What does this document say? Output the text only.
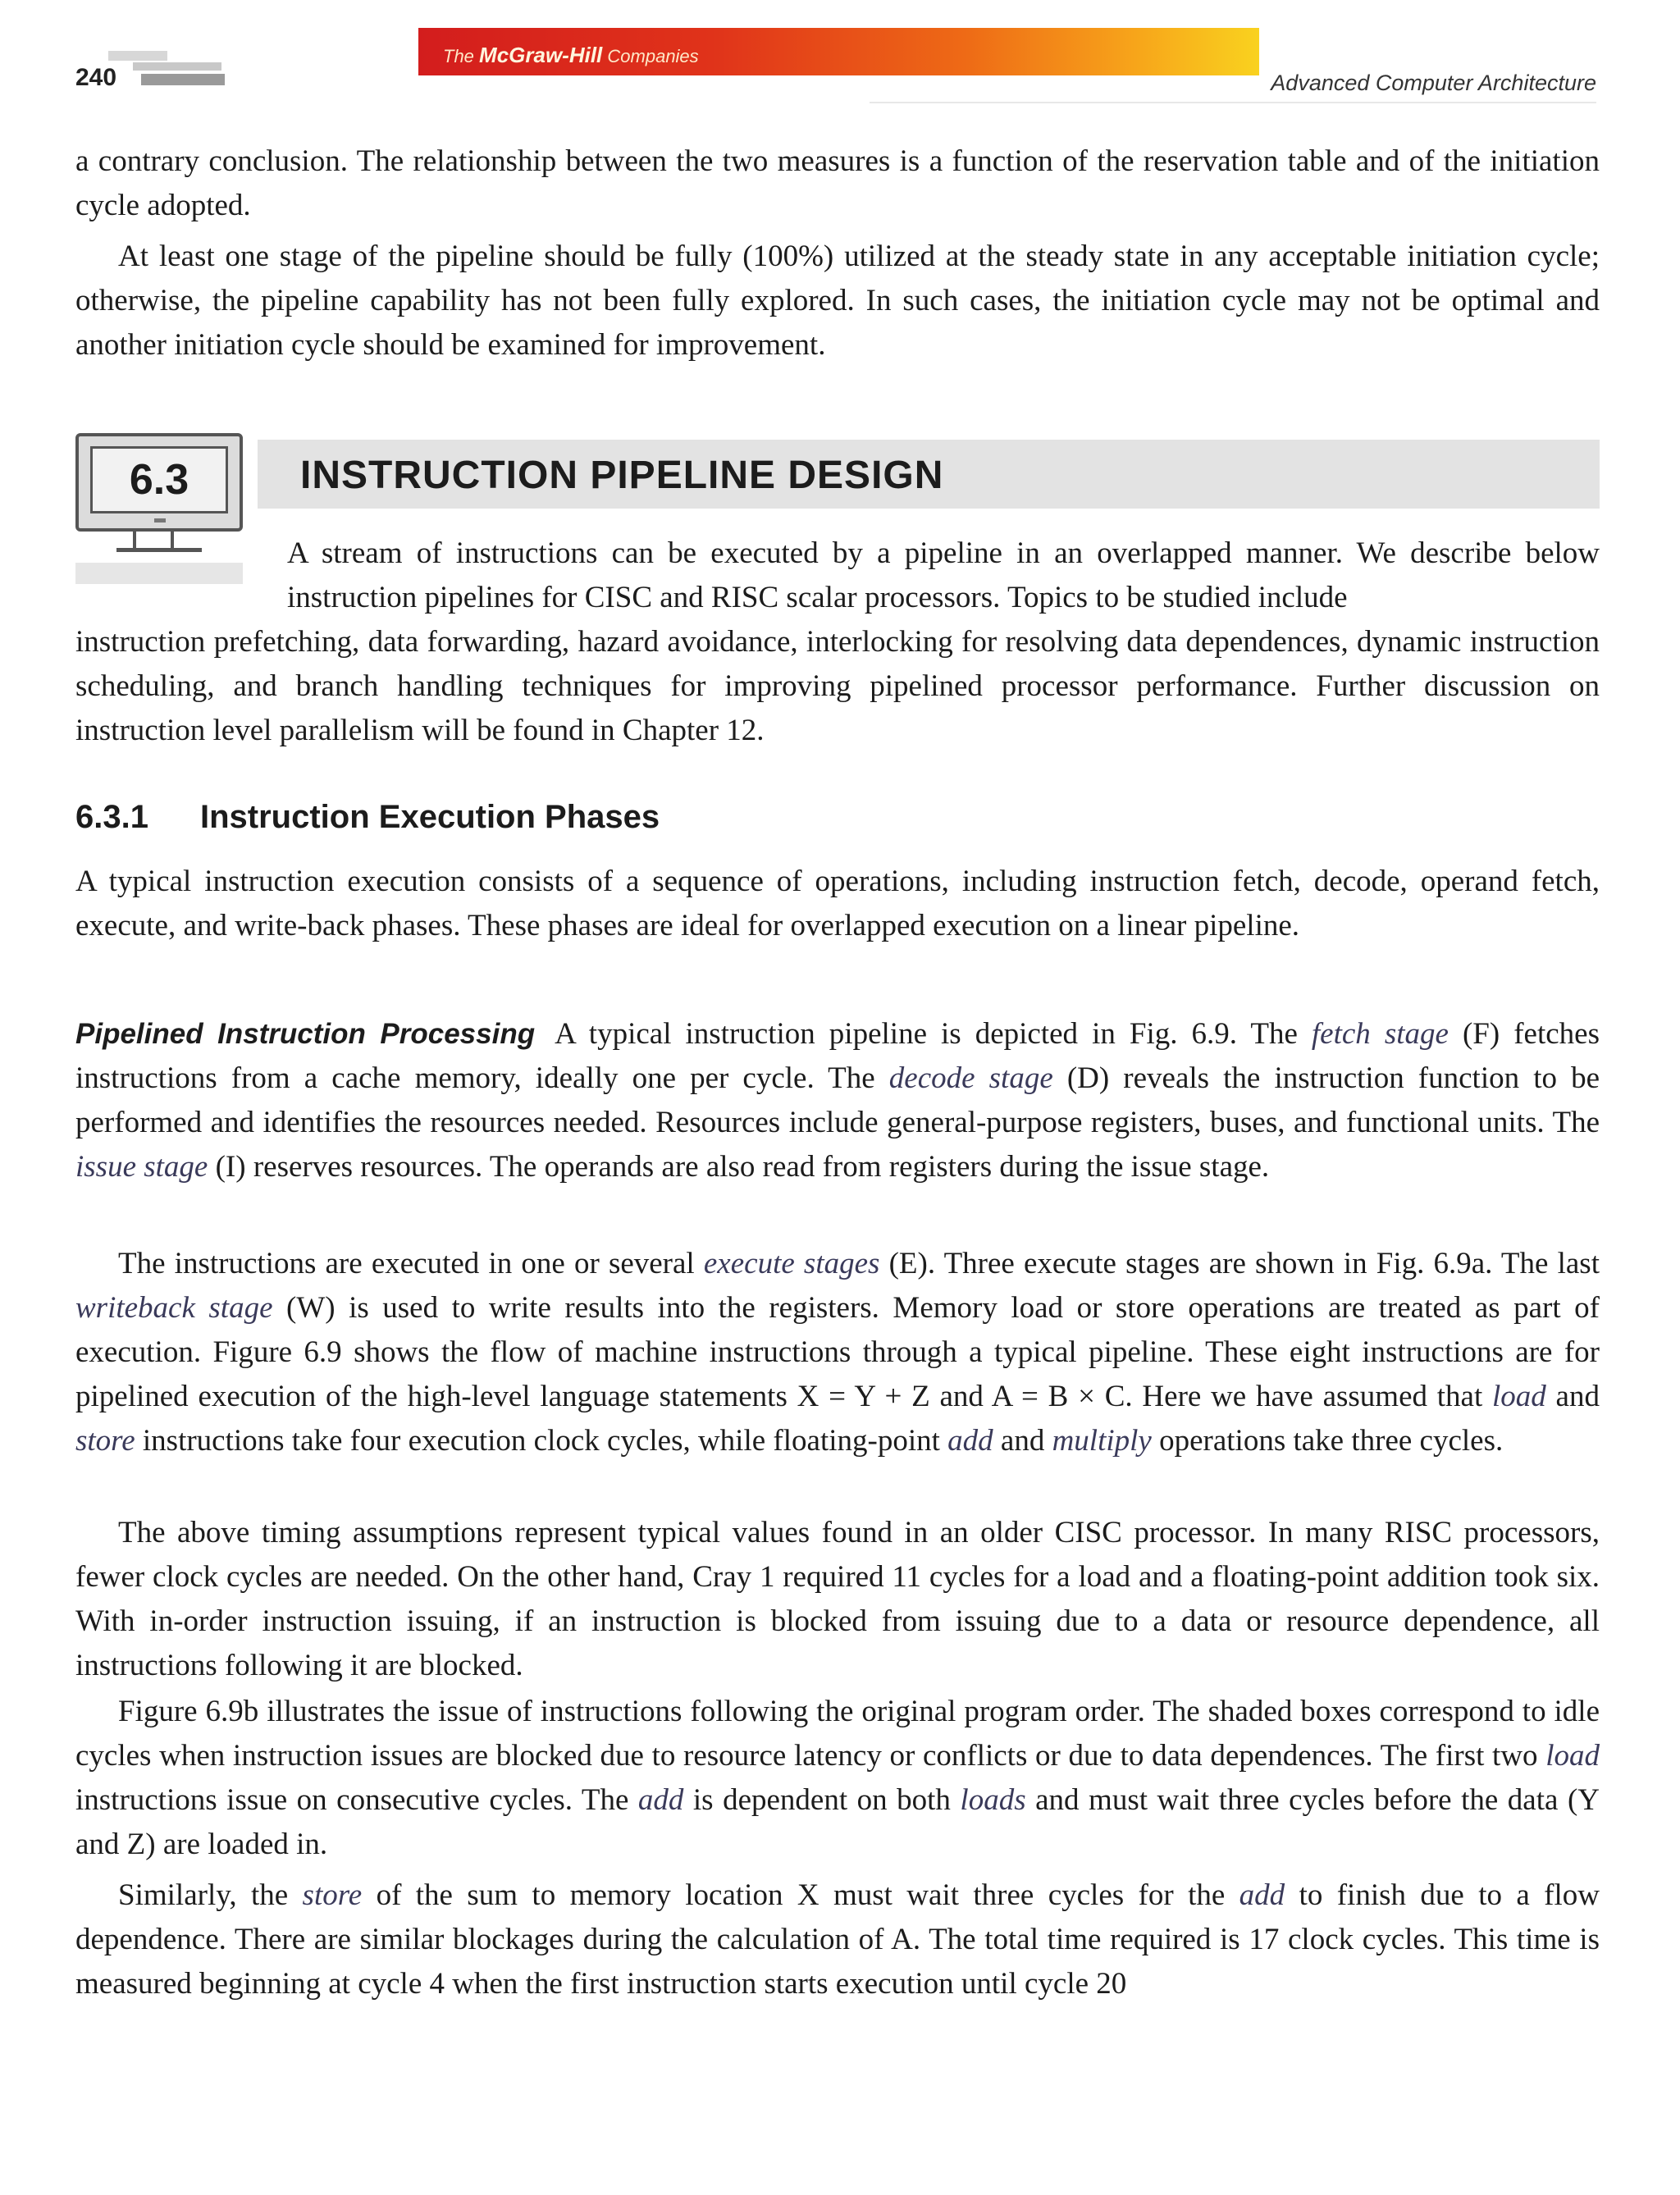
240
The McGraw-Hill Companies
Advanced Computer Architecture

a contrary conclusion. The relationship between the two measures is a function of the reservation table and of the initiation cycle adopted.

At least one stage of the pipeline should be fully (100%) utilized at the steady state in any acceptable initiation cycle; otherwise, the pipeline capability has not been fully explored. In such cases, the initiation cycle may not be optimal and another initiation cycle should be examined for improvement.

6.3	INSTRUCTION PIPELINE DESIGN

A stream of instructions can be executed by a pipeline in an overlapped manner. We describe below instruction pipelines for CISC and RISC scalar processors. Topics to be studied include

instruction prefetching, data forwarding, hazard avoidance, interlocking for resolving data dependences, dynamic instruction scheduling, and branch handling techniques for improving pipelined processor performance. Further discussion on instruction level parallelism will be found in Chapter 12.

6.3.1 Instruction Execution Phases

A typical instruction execution consists of a sequence of operations, including instruction fetch, decode, operand fetch, execute, and write-back phases. These phases are ideal for overlapped execution on a linear pipeline.

Pipelined Instruction Processing A typical instruction pipeline is depicted in Fig. 6.9. The fetch stage (F) fetches instructions from a cache memory, ideally one per cycle. The decode stage (D) reveals the instruction function to be performed and identifies the resources needed. Resources include general-purpose registers, buses, and functional units. The issue stage (I) reserves resources. The operands are also read from registers during the issue stage.

The instructions are executed in one or several execute stages (E). Three execute stages are shown in Fig. 6.9a. The last writeback stage (W) is used to write results into the registers. Memory load or store operations are treated as part of execution. Figure 6.9 shows the flow of machine instructions through a typical pipeline. These eight instructions are for pipelined execution of the high-level language statements X = Y + Z and A = B × C. Here we have assumed that load and store instructions take four execution clock cycles, while floating-point add and multiply operations take three cycles.

The above timing assumptions represent typical values found in an older CISC processor. In many RISC processors, fewer clock cycles are needed. On the other hand, Cray 1 required 11 cycles for a load and a floating-point addition took six. With in-order instruction issuing, if an instruction is blocked from issuing due to a data or resource dependence, all instructions following it are blocked.

Figure 6.9b illustrates the issue of instructions following the original program order. The shaded boxes correspond to idle cycles when instruction issues are blocked due to resource latency or conflicts or due to data dependences. The first two load instructions issue on consecutive cycles. The add is dependent on both loads and must wait three cycles before the data (Y and Z) are loaded in.

Similarly, the store of the sum to memory location X must wait three cycles for the add to finish due to a flow dependence. There are similar blockages during the calculation of A. The total time required is 17 clock cycles. This time is measured beginning at cycle 4 when the first instruction starts execution until cycle 20
